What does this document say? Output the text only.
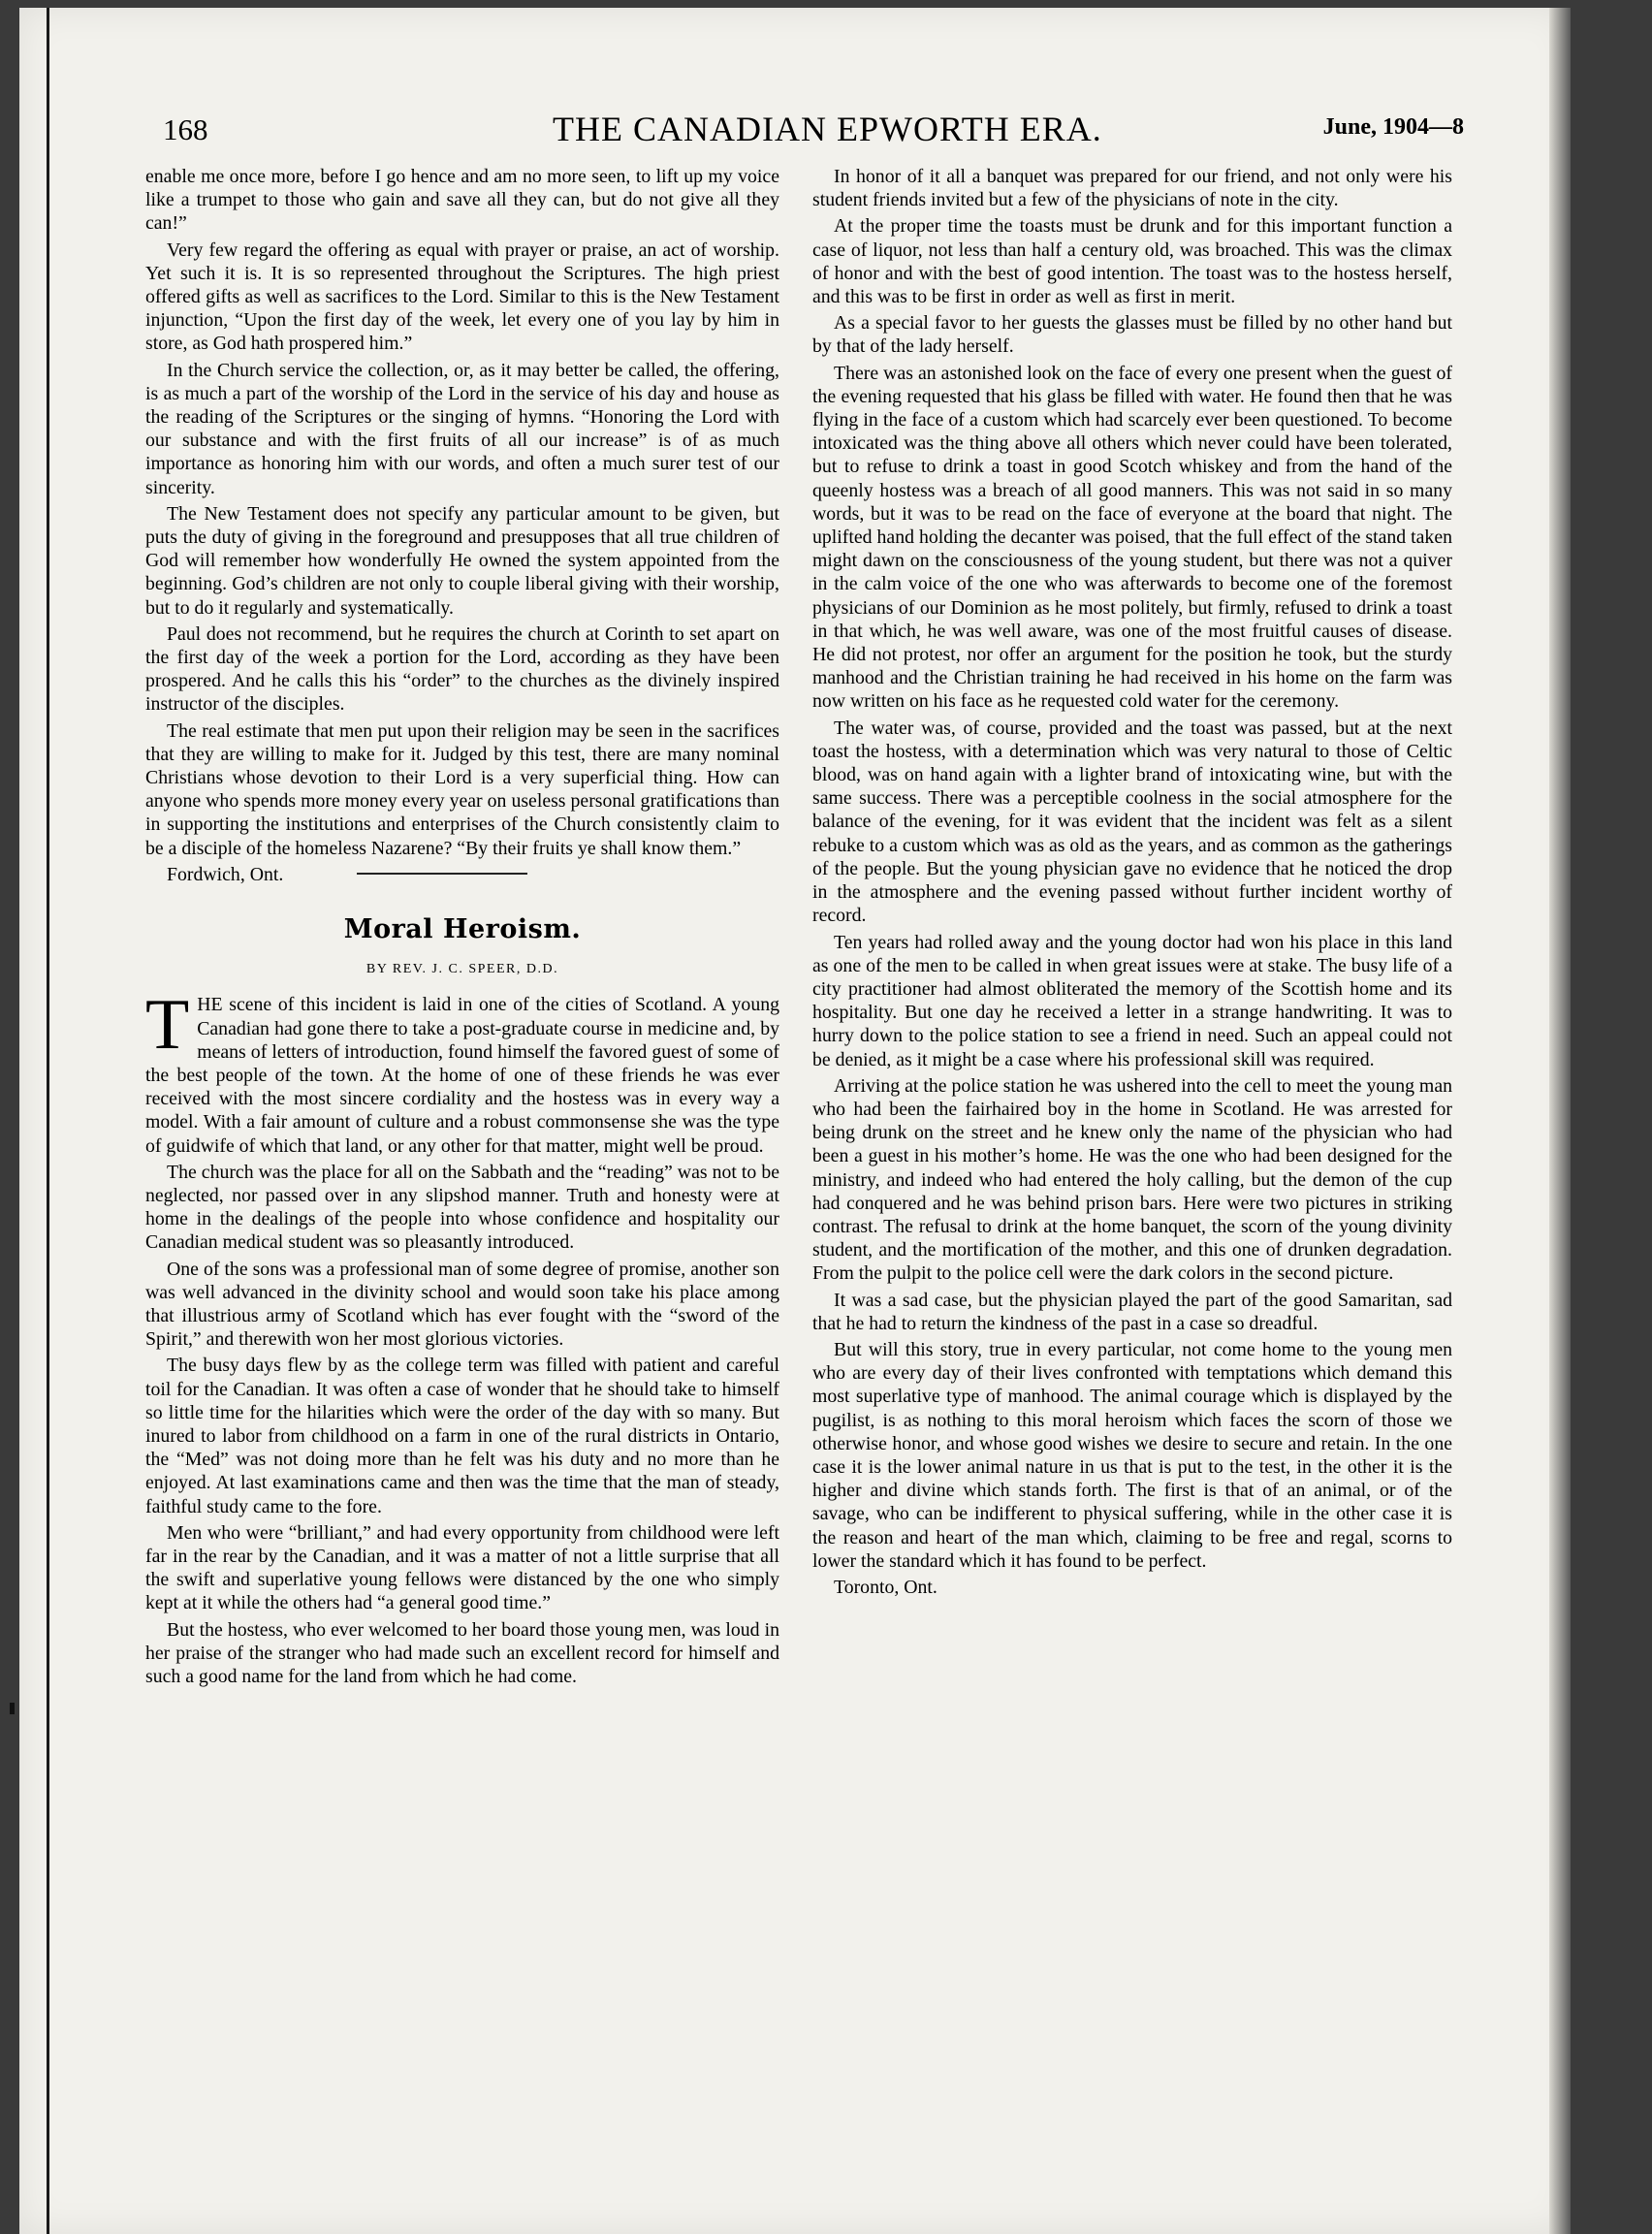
168	THE CANADIAN EPWORTH ERA.	June, 1904—8

enable me once more, before I go hence and am no more seen, to lift up my voice like a trumpet to those who gain and save all they can, but do not give all they can!”

Very few regard the offering as equal with prayer or praise, an act of worship. Yet such it is. It is so represented throughout the Scriptures. The high priest offered gifts as well as sacrifices to the Lord. Similar to this is the New Testament injunction, “Upon the first day of the week, let every one of you lay by him in store, as God hath prospered him.”

In the Church service the collection, or, as it may better be called, the offering, is as much a part of the worship of the Lord in the service of his day and house as the reading of the Scriptures or the singing of hymns. “Honoring the Lord with our substance and with the first fruits of all our increase” is of as much importance as honoring him with our words, and often a much surer test of our sincerity.

The New Testament does not specify any particular amount to be given, but puts the duty of giving in the foreground and presupposes that all true children of God will remember how wonderfully He owned the system appointed from the beginning. God’s children are not only to couple liberal giving with their worship, but to do it regularly and systematically.

Paul does not recommend, but he requires the church at Corinth to set apart on the first day of the week a portion for the Lord, according as they have been prospered. And he calls this his “order” to the churches as the divinely inspired instructor of the disciples.

The real estimate that men put upon their religion may be seen in the sacrifices that they are willing to make for it. Judged by this test, there are many nominal Christians whose devotion to their Lord is a very superficial thing. How can anyone who spends more money every year on useless personal gratifications than in supporting the institutions and enterprises of the Church consistently claim to be a disciple of the homeless Nazarene? “By their fruits ye shall know them.”

Fordwich, Ont.
Moral Heroism.
BY REV. J. C. SPEER, D.D.

THE scene of this incident is laid in one of the cities of Scotland. A young Canadian had gone there to take a post-graduate course in medicine and, by means of letters of introduction, found himself the favored guest of some of the best people of the town. At the home of one of these friends he was ever received with the most sincere cordiality and the hostess was in every way a model. With a fair amount of culture and a robust commonsense she was the type of guidwife of which that land, or any other for that matter, might well be proud.

The church was the place for all on the Sabbath and the “reading” was not to be neglected, nor passed over in any slipshod manner. Truth and honesty were at home in the dealings of the people into whose confidence and hospitality our Canadian medical student was so pleasantly introduced.

One of the sons was a professional man of some degree of promise, another son was well advanced in the divinity school and would soon take his place among that illustrious army of Scotland which has ever fought with the “sword of the Spirit,” and therewith won her most glorious victories.

The busy days flew by as the college term was filled with patient and careful toil for the Canadian. It was often a case of wonder that he should take to himself so little time for the hilarities which were the order of the day with so many. But inured to labor from childhood on a farm in one of the rural districts in Ontario, the “Med” was not doing more than he felt was his duty and no more than he enjoyed. At last examinations came and then was the time that the man of steady, faithful study came to the fore.

Men who were “brilliant,” and had every opportunity from childhood were left far in the rear by the Canadian, and it was a matter of not a little surprise that all the swift and superlative young fellows were distanced by the one who simply kept at it while the others had “a general good time.”

But the hostess, who ever welcomed to her board those young men, was loud in her praise of the stranger who had made such an excellent record for himself and such a good name for the land from which he had come.

In honor of it all a banquet was prepared for our friend, and not only were his student friends invited but a few of the physicians of note in the city.

At the proper time the toasts must be drunk and for this important function a case of liquor, not less than half a century old, was broached. This was the climax of honor and with the best of good intention. The toast was to the hostess herself, and this was to be first in order as well as first in merit.

As a special favor to her guests the glasses must be filled by no other hand but by that of the lady herself.

There was an astonished look on the face of every one present when the guest of the evening requested that his glass be filled with water. He found then that he was flying in the face of a custom which had scarcely ever been questioned. To become intoxicated was the thing above all others which never could have been tolerated, but to refuse to drink a toast in good Scotch whiskey and from the hand of the queenly hostess was a breach of all good manners. This was not said in so many words, but it was to be read on the face of everyone at the board that night. The uplifted hand holding the decanter was poised, that the full effect of the stand taken might dawn on the consciousness of the young student, but there was not a quiver in the calm voice of the one who was afterwards to become one of the foremost physicians of our Dominion as he most politely, but firmly, refused to drink a toast in that which, he was well aware, was one of the most fruitful causes of disease. He did not protest, nor offer an argument for the position he took, but the sturdy manhood and the Christian training he had received in his home on the farm was now written on his face as he requested cold water for the ceremony.

The water was, of course, provided and the toast was passed, but at the next toast the hostess, with a determination which was very natural to those of Celtic blood, was on hand again with a lighter brand of intoxicating wine, but with the same success. There was a perceptible coolness in the social atmosphere for the balance of the evening, for it was evident that the incident was felt as a silent rebuke to a custom which was as old as the years, and as common as the gatherings of the people. But the young physician gave no evidence that he noticed the drop in the atmosphere and the evening passed without further incident worthy of record.

Ten years had rolled away and the young doctor had won his place in this land as one of the men to be called in when great issues were at stake. The busy life of a city practitioner had almost obliterated the memory of the Scottish home and its hospitality. But one day he received a letter in a strange handwriting. It was to hurry down to the police station to see a friend in need. Such an appeal could not be denied, as it might be a case where his professional skill was required.

Arriving at the police station he was ushered into the cell to meet the young man who had been the fairhaired boy in the home in Scotland. He was arrested for being drunk on the street and he knew only the name of the physician who had been a guest in his mother’s home. He was the one who had been designed for the ministry, and indeed who had entered the holy calling, but the demon of the cup had conquered and he was behind prison bars. Here were two pictures in striking contrast. The refusal to drink at the home banquet, the scorn of the young divinity student, and the mortification of the mother, and this one of drunken degradation. From the pulpit to the police cell were the dark colors in the second picture.

It was a sad case, but the physician played the part of the good Samaritan, sad that he had to return the kindness of the past in a case so dreadful.

But will this story, true in every particular, not come home to the young men who are every day of their lives confronted with temptations which demand this most superlative type of manhood. The animal courage which is displayed by the pugilist, is as nothing to this moral heroism which faces the scorn of those we otherwise honor, and whose good wishes we desire to secure and retain. In the one case it is the lower animal nature in us that is put to the test, in the other it is the higher and divine which stands forth. The first is that of an animal, or of the savage, who can be indifferent to physical suffering, while in the other case it is the reason and heart of the man which, claiming to be free and regal, scorns to lower the standard which it has found to be perfect.

Toronto, Ont.
